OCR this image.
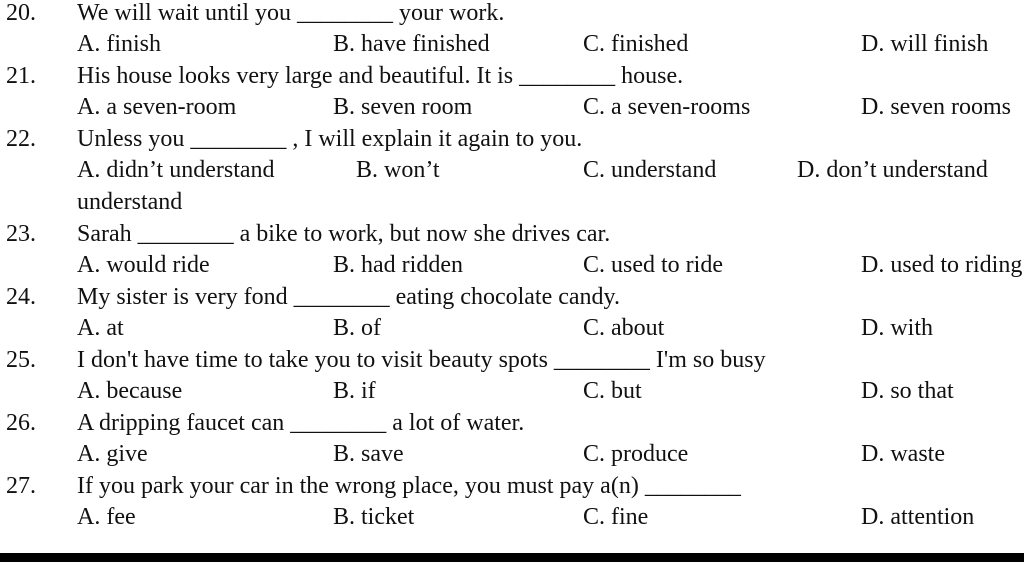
20. We will wait until you ________ your work.
A. finish	B. have finished	C. finished	D. will finish
21. His house looks very large and beautiful. It is ________ house.
A. a seven-room	B. seven room	C. a seven-rooms	D. seven rooms
22. Unless you ________ , I will explain it again to you.
A. didn’t understand	B. won’t	C. understand	D. don’t understand
understand
23. Sarah ________ a bike to work, but now she drives car.
A. would ride	B. had ridden	C. used to ride	D. used to riding
24. My sister is very fond ________ eating chocolate candy.
A. at	B. of	C. about	D. with
25. I don't have time to take you to visit beauty spots ________ I'm so busy
A. because	B. if	C. but	D. so that
26. A dripping faucet can ________ a lot of water.
A. give	B. save	C. produce	D. waste
27. If you park your car in the wrong place, you must pay a(n) ________
A. fee	B. ticket	C. fine	D. attention
